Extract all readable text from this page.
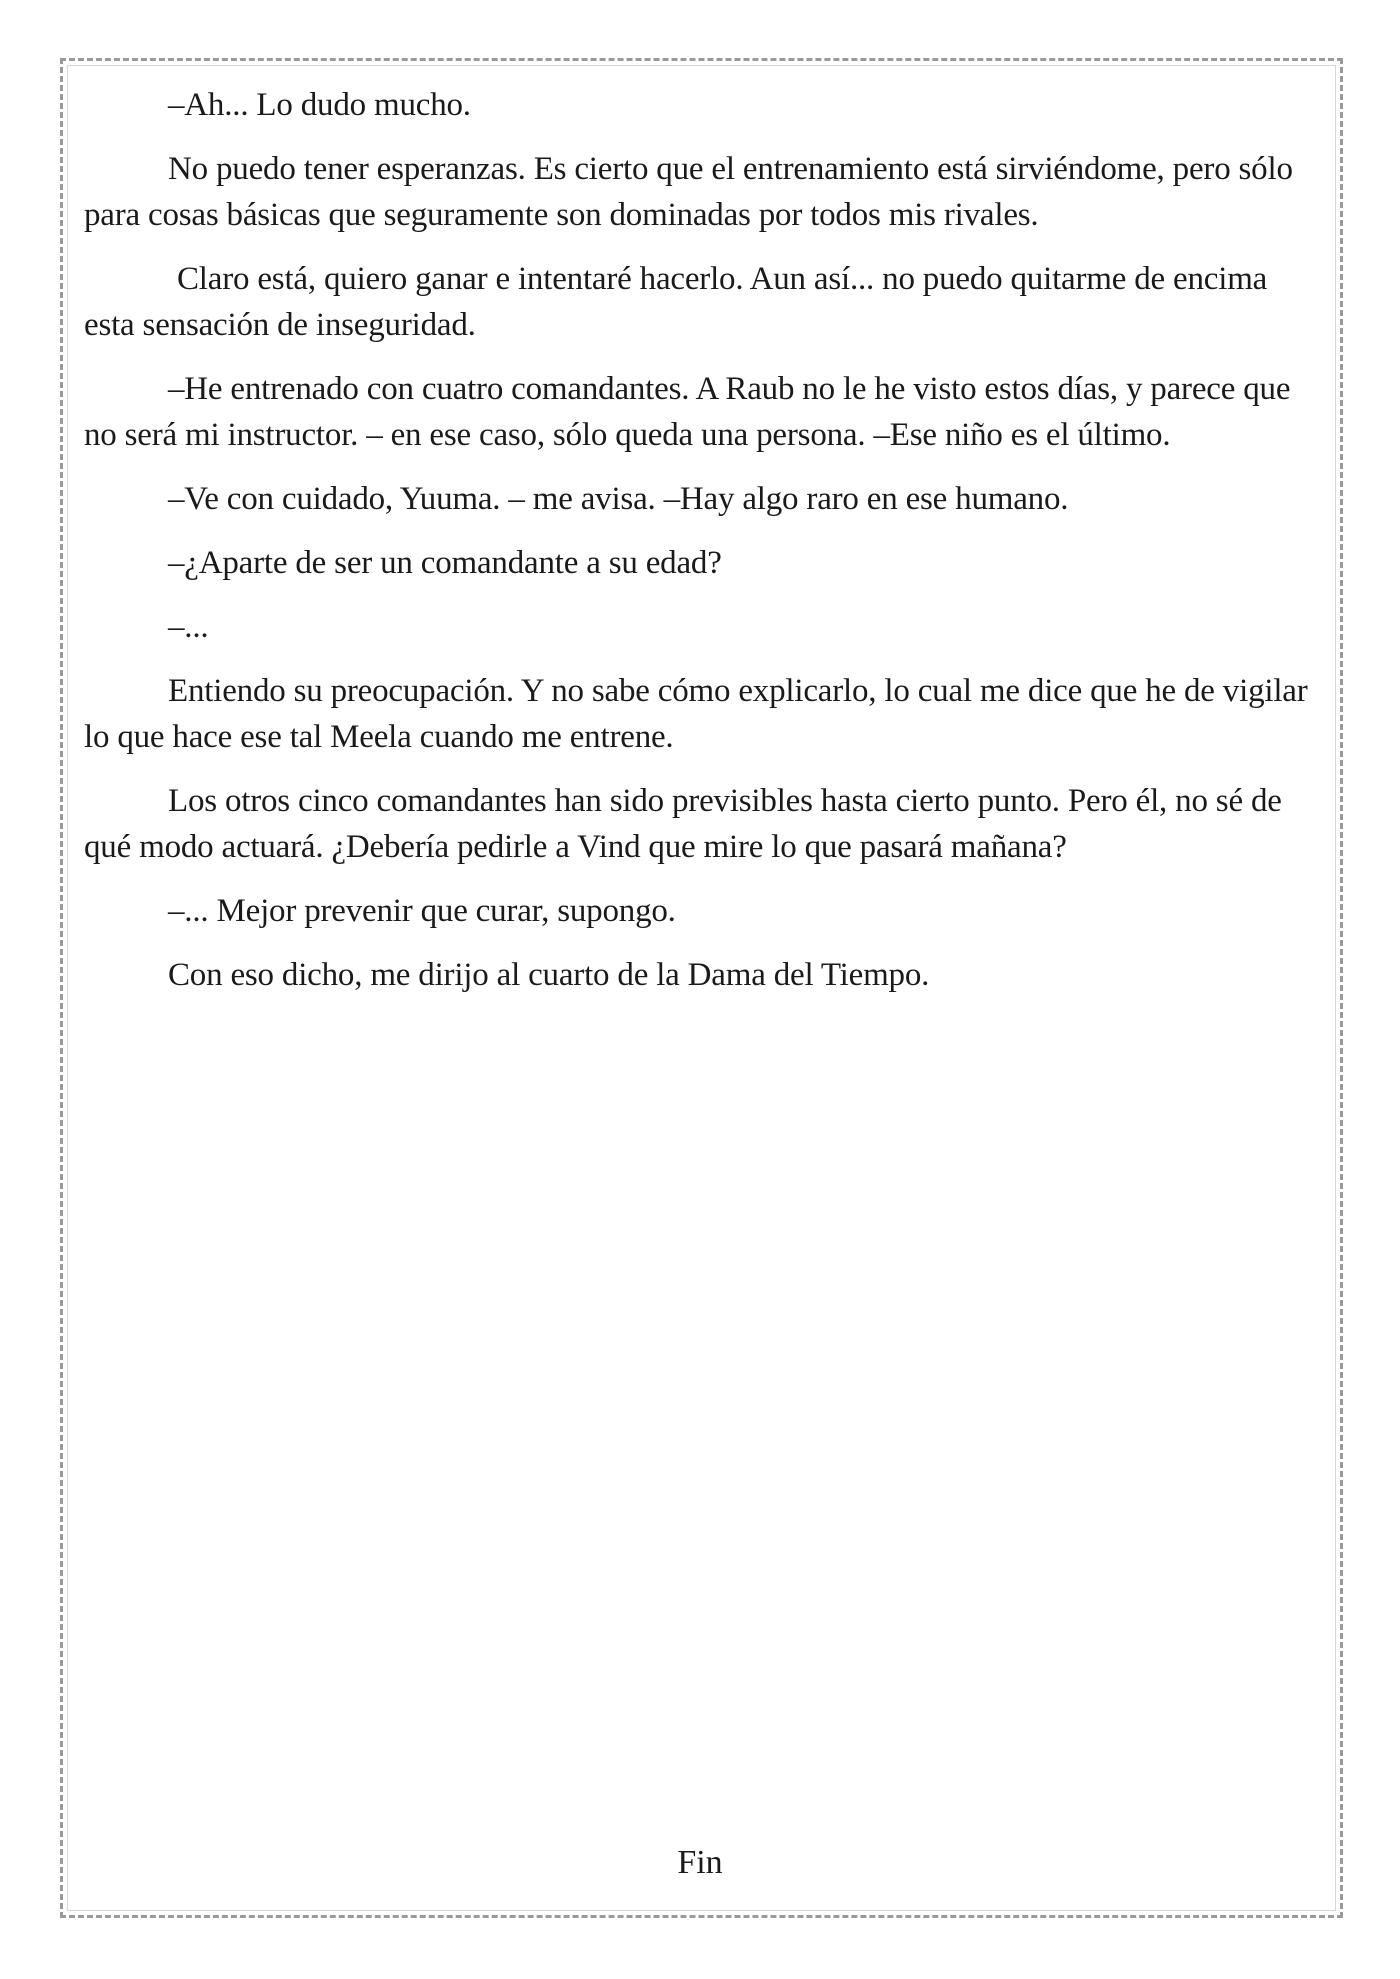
–Ah... Lo dudo mucho.

No puedo tener esperanzas. Es cierto que el entrenamiento está sirviéndome, pero sólo para cosas básicas que seguramente son dominadas por todos mis rivales.

Claro está, quiero ganar e intentaré hacerlo. Aun así... no puedo quitarme de encima esta sensación de inseguridad.

–He entrenado con cuatro comandantes. A Raub no le he visto estos días, y parece que no será mi instructor. – en ese caso, sólo queda una persona. –Ese niño es el último.

–Ve con cuidado, Yuuma. – me avisa. –Hay algo raro en ese humano.

–¿Aparte de ser un comandante a su edad?

–...

Entiendo su preocupación. Y no sabe cómo explicarlo, lo cual me dice que he de vigilar lo que hace ese tal Meela cuando me entrene.

Los otros cinco comandantes han sido previsibles hasta cierto punto. Pero él, no sé de qué modo actuará. ¿Debería pedirle a Vind que mire lo que pasará mañana?

–... Mejor prevenir que curar, supongo.

Con eso dicho, me dirijo al cuarto de la Dama del Tiempo.

Fin
